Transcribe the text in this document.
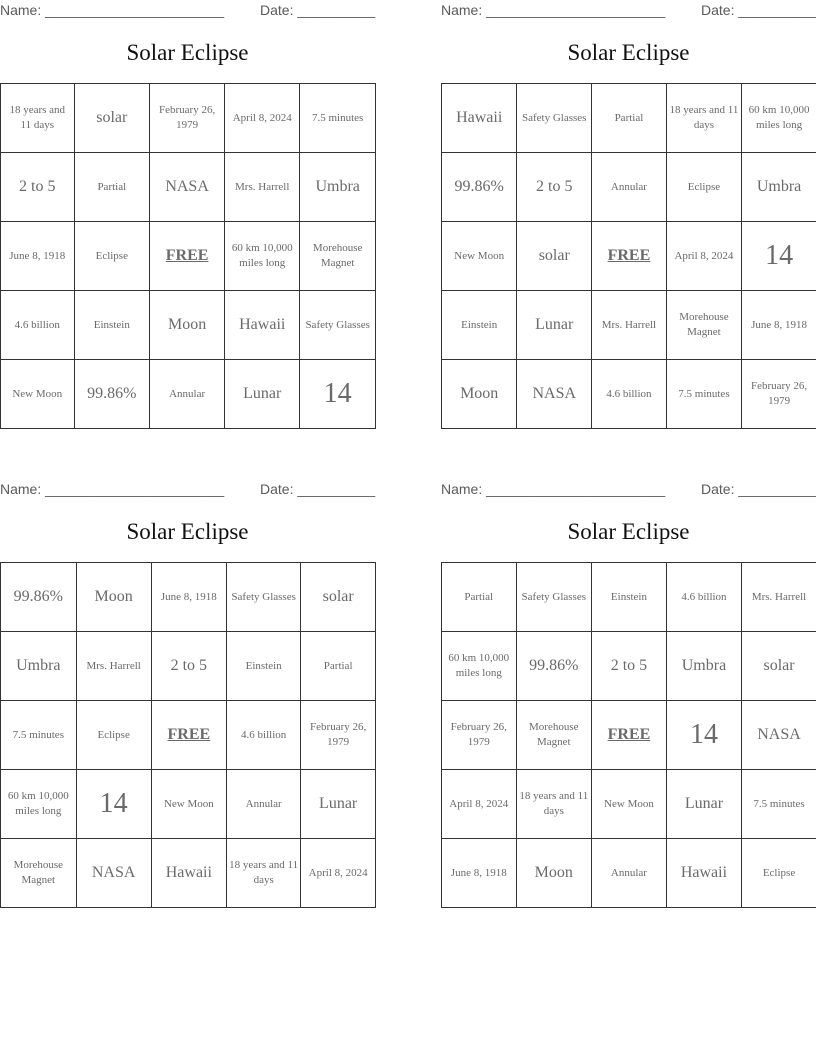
Name: _______________________	Date: __________
Solar Eclipse
18 years and 11 days	solar	February 26, 1979	April 8, 2024	7.5 minutes
2 to 5	Partial	NASA	Mrs. Harrell	Umbra
June 8, 1918	Eclipse	FREE	60 km 10,000 miles long	Morehouse Magnet
4.6 billion	Einstein	Moon	Hawaii	Safety Glasses
New Moon	99.86%	Annular	Lunar	14
Name: _______________________	Date: __________
Solar Eclipse
Hawaii	Safety Glasses	Partial	18 years and 11 days	60 km 10,000 miles long
99.86%	2 to 5	Annular	Eclipse	Umbra
New Moon	solar	FREE	April 8, 2024	14
Einstein	Lunar	Mrs. Harrell	Morehouse Magnet	June 8, 1918
Moon	NASA	4.6 billion	7.5 minutes	February 26, 1979
Name: _______________________	Date: __________
Solar Eclipse
99.86%	Moon	June 8, 1918	Safety Glasses	solar
Umbra	Mrs. Harrell	2 to 5	Einstein	Partial
7.5 minutes	Eclipse	FREE	4.6 billion	February 26, 1979
60 km 10,000 miles long	14	New Moon	Annular	Lunar
Morehouse Magnet	NASA	Hawaii	18 years and 11 days	April 8, 2024
Name: _______________________	Date: __________
Solar Eclipse
Partial	Safety Glasses	Einstein	4.6 billion	Mrs. Harrell
60 km 10,000 miles long	99.86%	2 to 5	Umbra	solar
February 26, 1979	Morehouse Magnet	FREE	14	NASA
April 8, 2024	18 years and 11 days	New Moon	Lunar	7.5 minutes
June 8, 1918	Moon	Annular	Hawaii	Eclipse
